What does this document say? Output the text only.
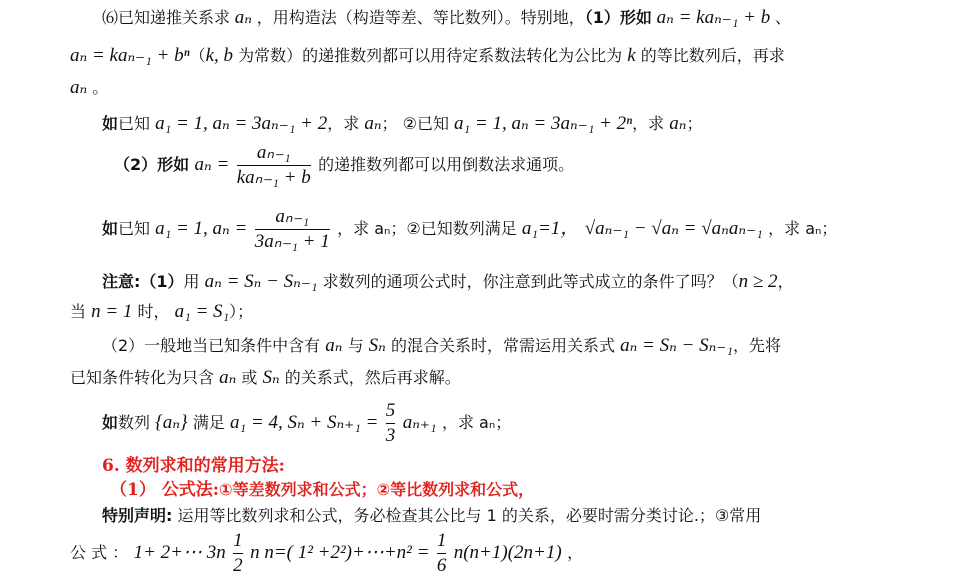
⑹已知递推关系求 aₙ ，用构造法（构造等差、等比数列）。特别地，（1）形如 aₙ = kaₙ₋₁ + b 、
aₙ = kaₙ₋₁ + bⁿ（k, b 为常数）的递推数列都可以用待定系数法转化为公比为 k 的等比数列后，再求
aₙ 。
如已知 a₁ = 1, aₙ = 3aₙ₋₁ + 2，求 aₙ； ②已知 a₁ = 1, aₙ = 3aₙ₋₁ + 2ⁿ，求 aₙ；
注意:（1）用 aₙ = Sₙ − Sₙ₋₁ 求数列的通项公式时，你注意到此等式成立的条件了吗？（n ≥ 2，
当 n = 1 时， a₁ = S₁）；
（2）一般地当已知条件中含有 aₙ 与 Sₙ 的混合关系时，常需运用关系式 aₙ = Sₙ − Sₙ₋₁，先将
已知条件转化为只含 aₙ 或 Sₙ 的关系式，然后再求解。
6. 数列求和的常用方法:
（1） 公式法:①等差数列求和公式；②等比数列求和公式，
特别声明: 运用等比数列求和公式，务必检查其公比与 1 的关系，必要时需分类讨论.；③常用
（2）形如 $a_n = \frac{\text{aₙ₋₁}}{\text{kaₙ₋₁ + b}}$ 的递推数列都可以用倒数法求通项。
如已知 a₁ = 1, $a_n = \frac{\text{aₙ₋₁}}{\text{3aₙ₋₁ + 1}}$ ，求 aₙ；②已知数列满足 a₁=1， √aₙ₋₁ − √aₙ = √aₙaₙ₋₁ ，求 aₙ；
如数列 {aₙ} 满足 a₁ = 4, $S_n + S_{n+1} = \frac{5}{3} a_{n+1}$ ，求 aₙ；
公 式 ： 1+ 2+⋯ $3n \frac{1}{2}$ n n=( 1² +2²)+⋯+n² = $\frac{1}{6} n(n+1)(2n+1)$ ，
